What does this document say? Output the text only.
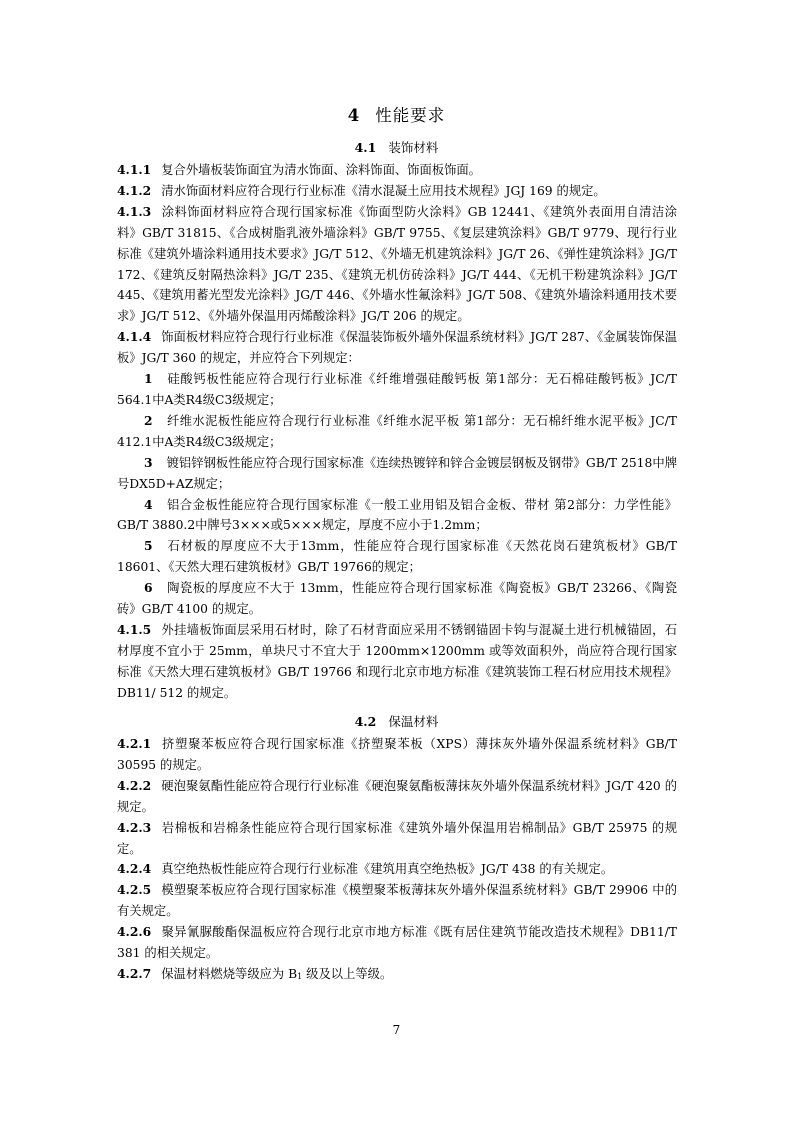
4 性能要求
4.1 装饰材料

4.1.1 复合外墙板装饰面宜为清水饰面、涂料饰面、饰面板饰面。

4.1.2 清水饰面材料应符合现行行业标准《清水混凝土应用技术规程》JGJ 169 的规定。

4.1.3 涂料饰面材料应符合现行国家标准《饰面型防火涂料》GB 12441、《建筑外表面用自清洁涂料》GB/T 31815、《合成树脂乳液外墙涂料》GB/T 9755、《复层建筑涂料》GB/T 9779、现行行业标准《建筑外墙涂料通用技术要求》JG/T 512、《外墙无机建筑涂料》JG/T 26、《弹性建筑涂料》JG/T 172、《建筑反射隔热涂料》JG/T 235、《建筑无机仿砖涂料》JG/T 444、《无机干粉建筑涂料》JG/T 445、《建筑用蓄光型发光涂料》JG/T 446、《外墙水性氟涂料》JG/T 508、《建筑外墙涂料通用技术要求》JG/T 512、《外墙外保温用丙烯酸涂料》JG/T 206 的规定。

4.1.4 饰面板材料应符合现行行业标准《保温装饰板外墙外保温系统材料》JG/T 287、《金属装饰保温板》JG/T 360 的规定，并应符合下列规定：

1 硅酸钙板性能应符合现行行业标准《纤维增强硅酸钙板 第1部分：无石棉硅酸钙板》JC/T 564.1中A类R4级C3级规定；

2 纤维水泥板性能应符合现行行业标准《纤维水泥平板 第1部分：无石棉纤维水泥平板》JC/T 412.1中A类R4级C3级规定；

3 镀铝锌钢板性能应符合现行国家标准《连续热镀锌和锌合金镀层钢板及钢带》GB/T 2518中牌号DX5D+AZ规定；

4 铝合金板性能应符合现行国家标准《一般工业用铝及铝合金板、带材 第2部分：力学性能》GB/T 3880.2中牌号3×××或5×××规定，厚度不应小于1.2mm；

5 石材板的厚度应不大于13mm，性能应符合现行国家标准《天然花岗石建筑板材》GB/T 18601、《天然大理石建筑板材》GB/T 19766的规定；

6 陶瓷板的厚度应不大于 13mm，性能应符合现行国家标准《陶瓷板》GB/T 23266、《陶瓷砖》GB/T 4100 的规定。

4.1.5 外挂墙板饰面层采用石材时，除了石材背面应采用不锈钢锚固卡钩与混凝土进行机械锚固，石材厚度不宜小于 25mm，单块尺寸不宜大于 1200mm×1200mm 或等效面积外，尚应符合现行国家标准《天然大理石建筑板材》GB/T 19766 和现行北京市地方标准《建筑装饰工程石材应用技术规程》DB11/ 512 的规定。

4.2 保温材料

4.2.1 挤塑聚苯板应符合现行国家标准《挤塑聚苯板（XPS）薄抹灰外墙外保温系统材料》GB/T 30595 的规定。

4.2.2 硬泡聚氨酯性能应符合现行行业标准《硬泡聚氨酯板薄抹灰外墙外保温系统材料》JG/T 420 的规定。

4.2.3 岩棉板和岩棉条性能应符合现行国家标准《建筑外墙外保温用岩棉制品》GB/T 25975 的规定。

4.2.4 真空绝热板性能应符合现行行业标准《建筑用真空绝热板》JG/T 438 的有关规定。

4.2.5 模塑聚苯板应符合现行国家标准《模塑聚苯板薄抹灰外墙外保温系统材料》GB/T 29906 中的有关规定。

4.2.6 聚异氰脲酸酯保温板应符合现行北京市地方标准《既有居住建筑节能改造技术规程》DB11/T 381 的相关规定。

4.2.7 保温材料燃烧等级应为 $B_1$ 级及以上等级。

7
